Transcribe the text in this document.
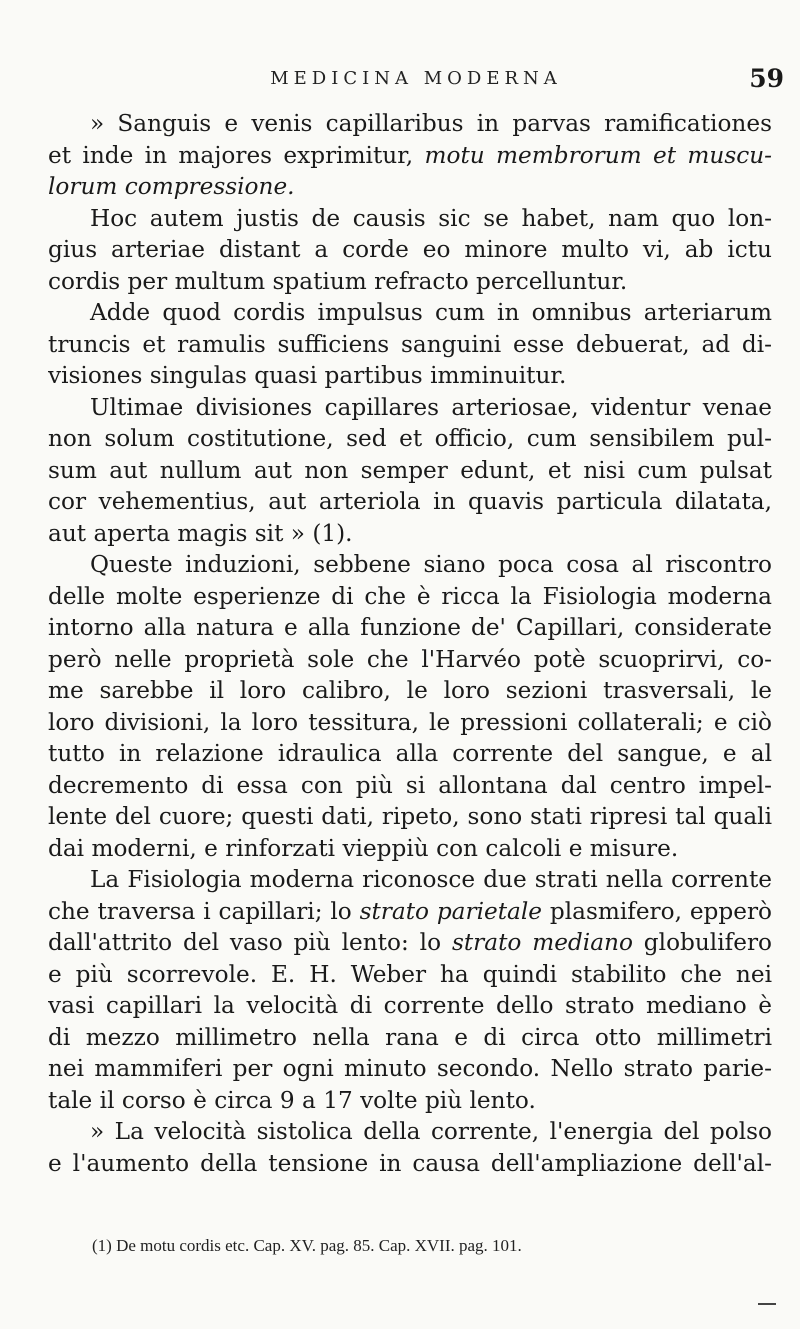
MEDICINA MODERNA	59
» Sanguis e venis capillaribus in parvas ramificationes
et inde in majores exprimitur, motu membrorum et muscu-
lorum compressione.
Hoc autem justis de causis sic se habet, nam quo lon-
gius arteriae distant a corde eo minore multo vi, ab ictu
cordis per multum spatium refracto percelluntur.
Adde quod cordis impulsus cum in omnibus arteriarum
truncis et ramulis sufficiens sanguini esse debuerat, ad di-
visiones singulas quasi partibus imminuitur.
Ultimae divisiones capillares arteriosae, videntur venae
non solum costitutione, sed et officio, cum sensibilem pul-
sum aut nullum aut non semper edunt, et nisi cum pulsat
cor vehementius, aut arteriola in quavis particula dilatata,
aut aperta magis sit » (1).
Queste induzioni, sebbene siano poca cosa al riscontro
delle molte esperienze di che è ricca la Fisiologia moderna
intorno alla natura e alla funzione de' Capillari, considerate
però nelle proprietà sole che l'Harvéo potè scuoprirvi, co-
me sarebbe il loro calibro, le loro sezioni trasversali, le
loro divisioni, la loro tessitura, le pressioni collaterali; e ciò
tutto in relazione idraulica alla corrente del sangue, e al
decremento di essa con più si allontana dal centro impel-
lente del cuore; questi dati, ripeto, sono stati ripresi tal quali
dai moderni, e rinforzati vieppiù con calcoli e misure.
La Fisiologia moderna riconosce due strati nella corrente
che traversa i capillari; lo strato parietale plasmifero, epperò
dall'attrito del vaso più lento: lo strato mediano globulifero
e più scorrevole. E. H. Weber ha quindi stabilito che nei
vasi capillari la velocità di corrente dello strato mediano è
di mezzo millimetro nella rana e di circa otto millimetri
nei mammiferi per ogni minuto secondo. Nello strato parie-
tale il corso è circa 9 a 17 volte più lento.
» La velocità sistolica della corrente, l'energia del polso
e l'aumento della tensione in causa dell'ampliazione dell'al-
(1) De motu cordis etc. Cap. XV. pag. 85. Cap. XVII. pag. 101.
